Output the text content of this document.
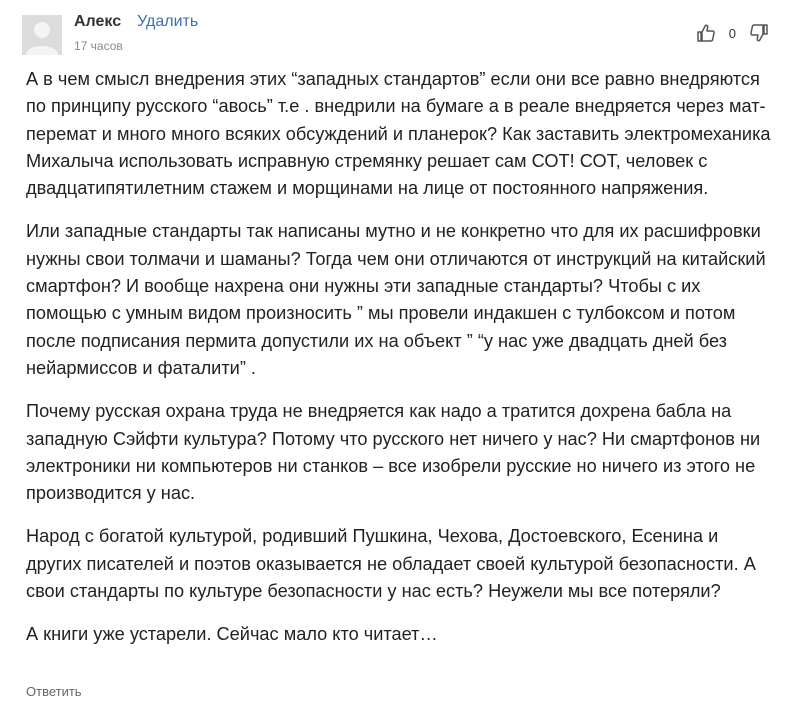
Алекс Удалить
17 часов
0

А в чем смысл внедрения этих “западных стандартов” если они все равно внедряются по принципу русского “авось” т.е . внедрили на бумаге а в реале внедряется через мат-перемат и много много всяких обсуждений и планерок? Как заставить электромеханика Михалыча использовать исправную стремянку решает сам СОТ! СОТ, человек с двадцатипятилетним стажем и морщинами на лице от постоянного напряжения.

Или западные стандарты так написаны мутно и не конкретно что для их расшифровки нужны свои толмачи и шаманы? Тогда чем они отличаются от инструкций на китайский смартфон? И вообще нахрена они нужны эти западные стандарты? Чтобы с их помощью с умным видом произносить ” мы провели индакшен с тулбоксом и потом после подписания пермита допустили их на объект ” “у нас уже двадцать дней без нейармиссов и фаталити” .

Почему русская охрана труда не внедряется как надо а тратится дохрена бабла на западную Сэйфти культура? Потому что русского нет ничего у нас? Ни смартфонов ни электроники ни компьютеров ни станков – все изобрели русские но ничего из этого не производится у нас.

Народ с богатой культурой, родивший Пушкина, Чехова, Достоевского, Есенина и других писателей и поэтов оказывается не обладает своей культурой безопасности. А свои стандарты по культуре безопасности у нас есть? Неужели мы все потеряли?

А книги уже устарели. Сейчас мало кто читает…

Ответить
